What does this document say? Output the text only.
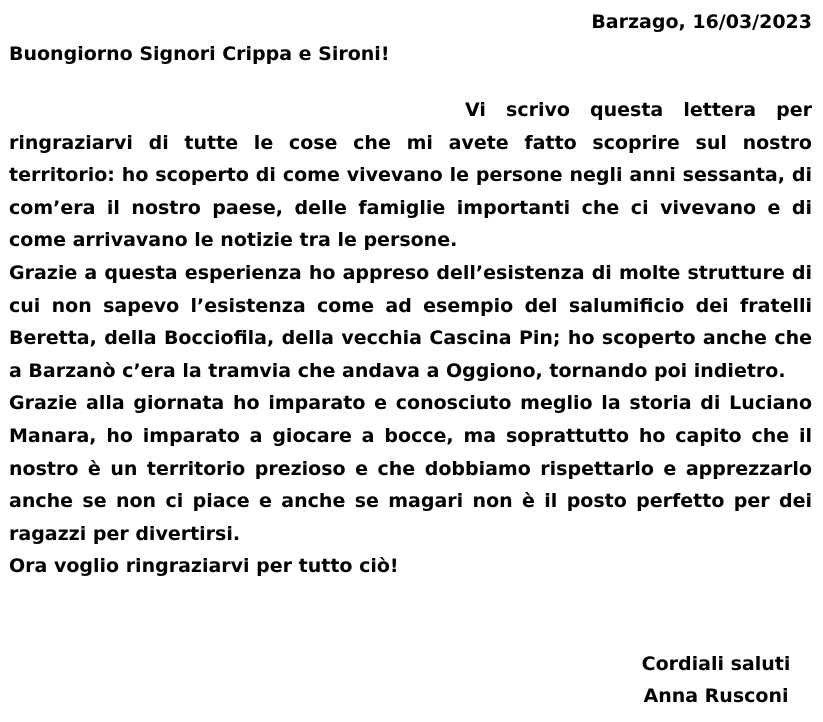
Barzago, 16/03/2023
Buongiorno Signori Crippa e Sironi!

Vi scrivo questa lettera per ringraziarvi di tutte le cose che mi avete fatto scoprire sul nostro territorio: ho scoperto di come vivevano le persone negli anni sessanta, di com’era il nostro paese, delle famiglie importanti che ci vivevano e di come arrivavano le notizie tra le persone.

Grazie a questa esperienza ho appreso dell’esistenza di molte strutture di cui non sapevo l’esistenza come ad esempio del salumificio dei fratelli Beretta, della Bocciofila, della vecchia Cascina Pin; ho scoperto anche che a Barzanò c’era la tramvia che andava a Oggiono, tornando poi indietro.

Grazie alla giornata ho imparato e conosciuto meglio la storia di Luciano Manara, ho imparato a giocare a bocce, ma soprattutto ho capito che il nostro è un territorio prezioso e che dobbiamo rispettarlo e apprezzarlo anche se non ci piace e anche se magari non è il posto perfetto per dei ragazzi per divertirsi.

Ora voglio ringraziarvi per tutto ciò!

Cordiali saluti
Anna Rusconi
